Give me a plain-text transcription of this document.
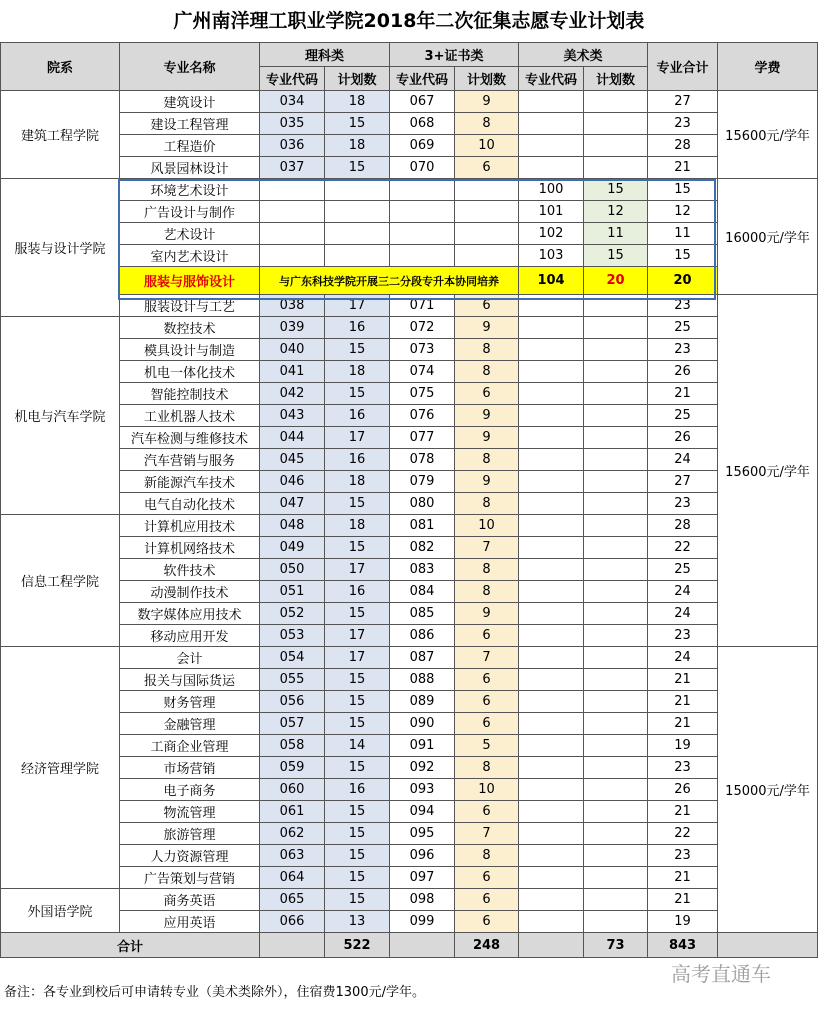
广州南洋理工职业学院2018年二次征集志愿专业计划表
院系	专业名称	理科类		3+证书类		美术类		专业合计	学费
		专业代码	计划数	专业代码	计划数	专业代码	计划数		
建筑工程学院	建筑设计	034	18	067	9			27	15600元/学年
	建设工程管理	035	15	068	8			23	
	工程造价	036	18	069	10			28	
	风景园林设计	037	15	070	6			21	
服装与设计学院	环境艺术设计					100	15	15	16000元/学年
	广告设计与制作					101	12	12	
	艺术设计					102	11	11	
	室内艺术设计					103	15	15	
	服装与服饰设计	与广东科技学院开展三二分段专升本协同培养				104	20	20	
	服装设计与工艺	038	17	071	6			23	15600元/学年
机电与汽车学院	数控技术	039	16	072	9			25	
	模具设计与制造	040	15	073	8			23	
	机电一体化技术	041	18	074	8			26	
	智能控制技术	042	15	075	6			21	
	工业机器人技术	043	16	076	9			25	
	汽车检测与维修技术	044	17	077	9			26	
	汽车营销与服务	045	16	078	8			24	
	新能源汽车技术	046	18	079	9			27	
	电气自动化技术	047	15	080	8			23	
信息工程学院	计算机应用技术	048	18	081	10			28	
	计算机网络技术	049	15	082	7			22	
	软件技术	050	17	083	8			25	
	动漫制作技术	051	16	084	8			24	
	数字媒体应用技术	052	15	085	9			24	
	移动应用开发	053	17	086	6			23	
经济管理学院	会计	054	17	087	7			24	15000元/学年
	报关与国际货运	055	15	088	6			21	
	财务管理	056	15	089	6			21	
	金融管理	057	15	090	6			21	
	工商企业管理	058	14	091	5			19	
	市场营销	059	15	092	8			23	
	电子商务	060	16	093	10			26	
	物流管理	061	15	094	6			21	
	旅游管理	062	15	095	7			22	
	人力资源管理	063	15	096	8			23	
	广告策划与营销	064	15	097	6			21	
外国语学院	商务英语	065	15	098	6			21	
	应用英语	066	13	099	6			19	
合计			522		248		73	843	
备注：各专业到校后可申请转专业（美术类除外），住宿费1300元/学年。
高考直通车
